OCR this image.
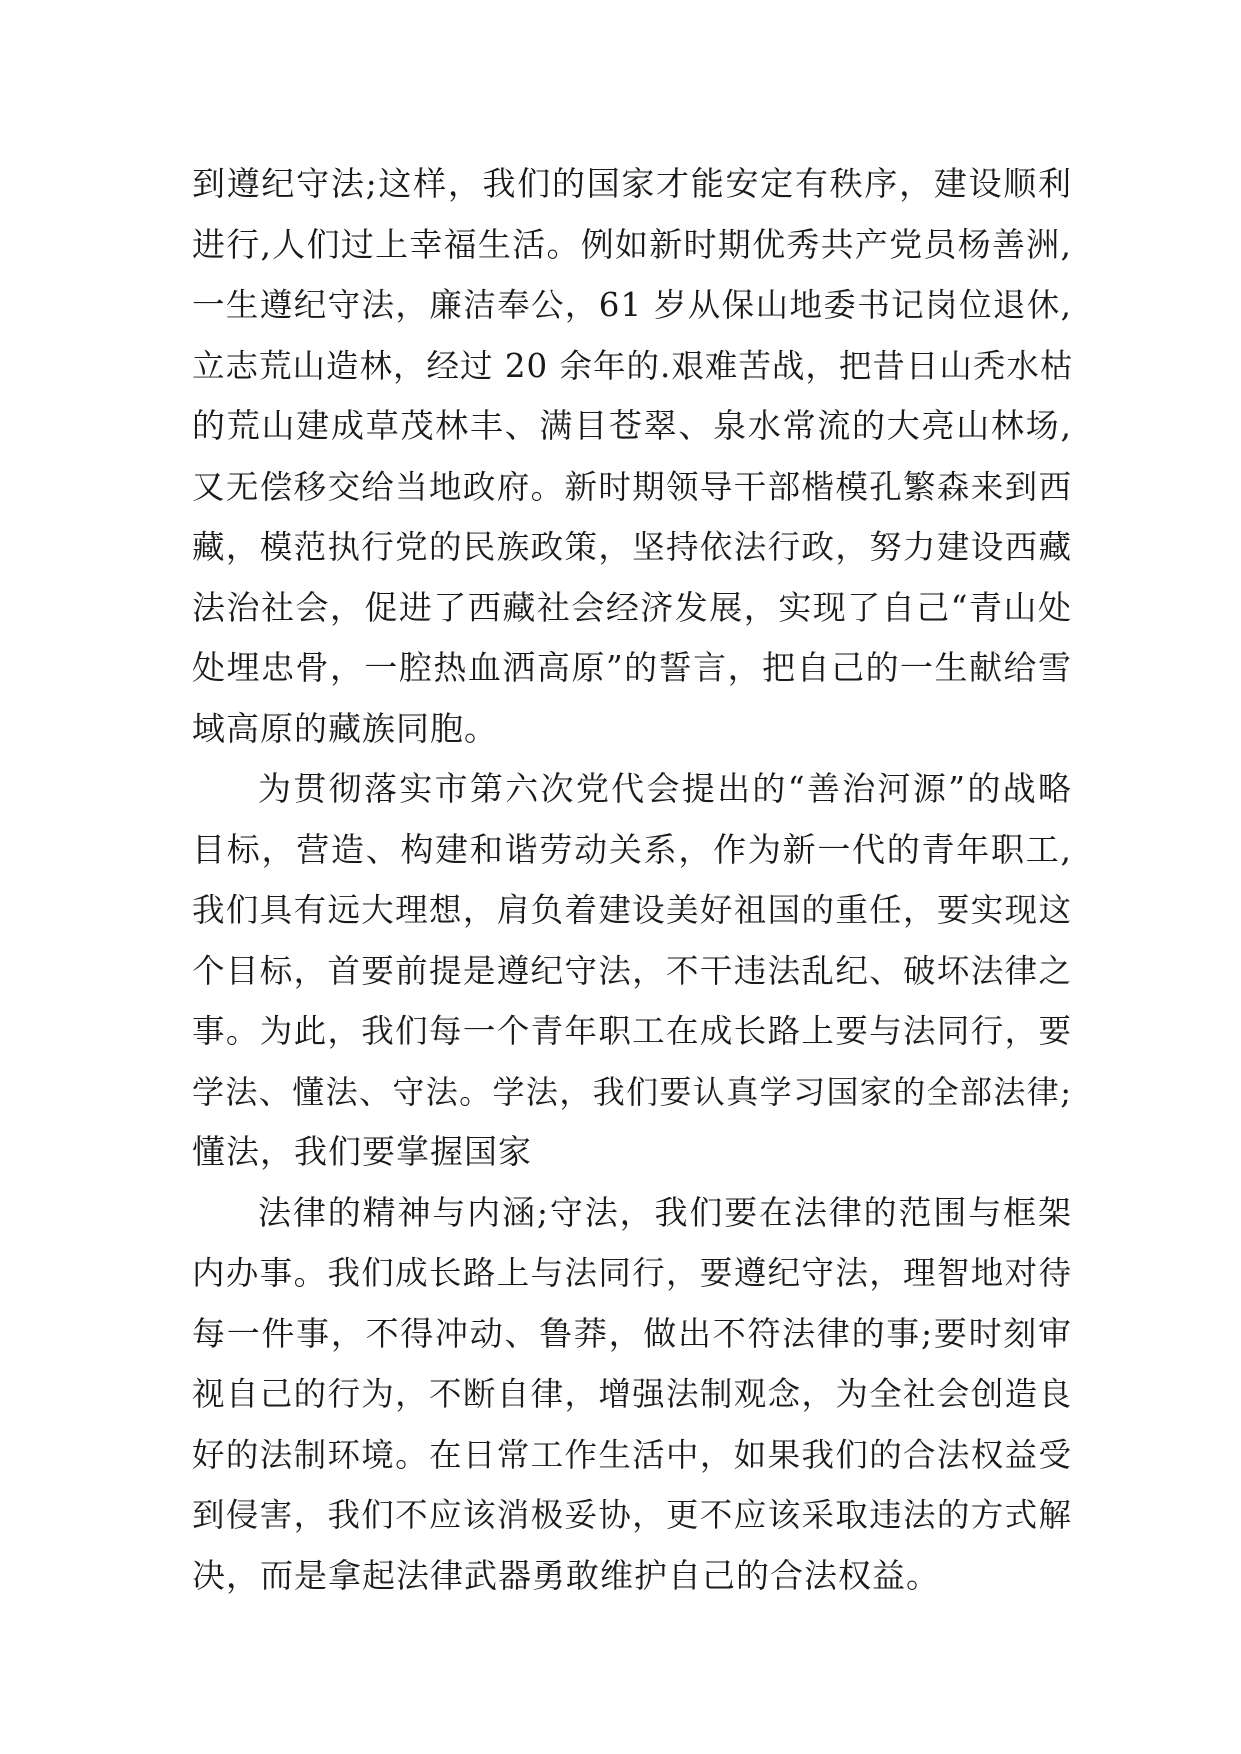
到遵纪守法;这样，我们的国家才能安定有秩序，建设顺利
进行,人们过上幸福生活。例如新时期优秀共产党员杨善洲,
一生遵纪守法，廉洁奉公，61 岁从保山地委书记岗位退休,
立志荒山造林，经过 20 余年的.艰难苦战，把昔日山秃水枯
的荒山建成草茂林丰、满目苍翠、泉水常流的大亮山林场,
又无偿移交给当地政府。新时期领导干部楷模孔繁森来到西
藏，模范执行党的民族政策，坚持依法行政，努力建设西藏
法治社会，促进了西藏社会经济发展，实现了自己“青山处
处埋忠骨，一腔热血洒高原”的誓言，把自己的一生献给雪
域高原的藏族同胞。
为贯彻落实市第六次党代会提出的“善治河源”的战略
目标，营造、构建和谐劳动关系，作为新一代的青年职工,
我们具有远大理想，肩负着建设美好祖国的重任，要实现这
个目标，首要前提是遵纪守法，不干违法乱纪、破坏法律之
事。为此，我们每一个青年职工在成长路上要与法同行，要
学法、懂法、守法。学法，我们要认真学习国家的全部法律;
懂法，我们要掌握国家
法律的精神与内涵;守法，我们要在法律的范围与框架
内办事。我们成长路上与法同行，要遵纪守法，理智地对待
每一件事，不得冲动、鲁莽，做出不符法律的事;要时刻审
视自己的行为，不断自律，增强法制观念，为全社会创造良
好的法制环境。在日常工作生活中，如果我们的合法权益受
到侵害，我们不应该消极妥协，更不应该采取违法的方式解
决，而是拿起法律武器勇敢维护自己的合法权益。
